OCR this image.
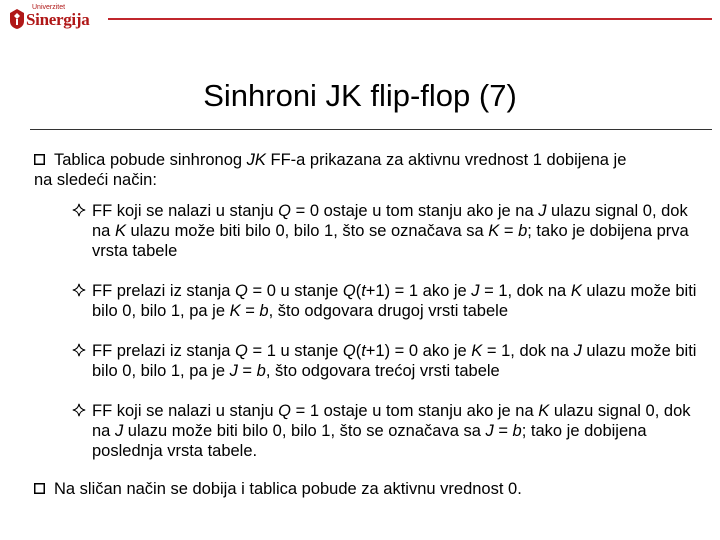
Univerzitet
Sinergija
Sinhroni JK flip-flop (7)
Tablica pobude sinhronog JK FF-a prikazana za aktivnu vrednost 1 dobijena je
na sledeći način:
FF koji se nalazi u stanju Q = 0 ostaje u tom stanju ako je na J ulazu signal 0, dok na K ulazu može biti bilo 0, bilo 1, što se označava sa K = b; tako je dobijena prva vrsta tabele
FF prelazi iz stanja Q = 0 u stanje Q(t+1) = 1 ako je J = 1, dok na K ulazu može biti bilo 0, bilo 1, pa je K = b, što odgovara drugoj vrsti tabele
FF prelazi iz stanja Q = 1 u stanje Q(t+1) = 0 ako je K = 1, dok na J ulazu može biti bilo 0, bilo 1, pa je J = b, što odgovara trećoj vrsti tabele
FF koji se nalazi u stanju Q = 1 ostaje u tom stanju ako je na K ulazu signal 0, dok na J ulazu može biti bilo 0, bilo 1, što se označava sa J = b; tako je dobijena poslednja vrsta tabele.
Na sličan način se dobija i tablica pobude za aktivnu vrednost 0.
